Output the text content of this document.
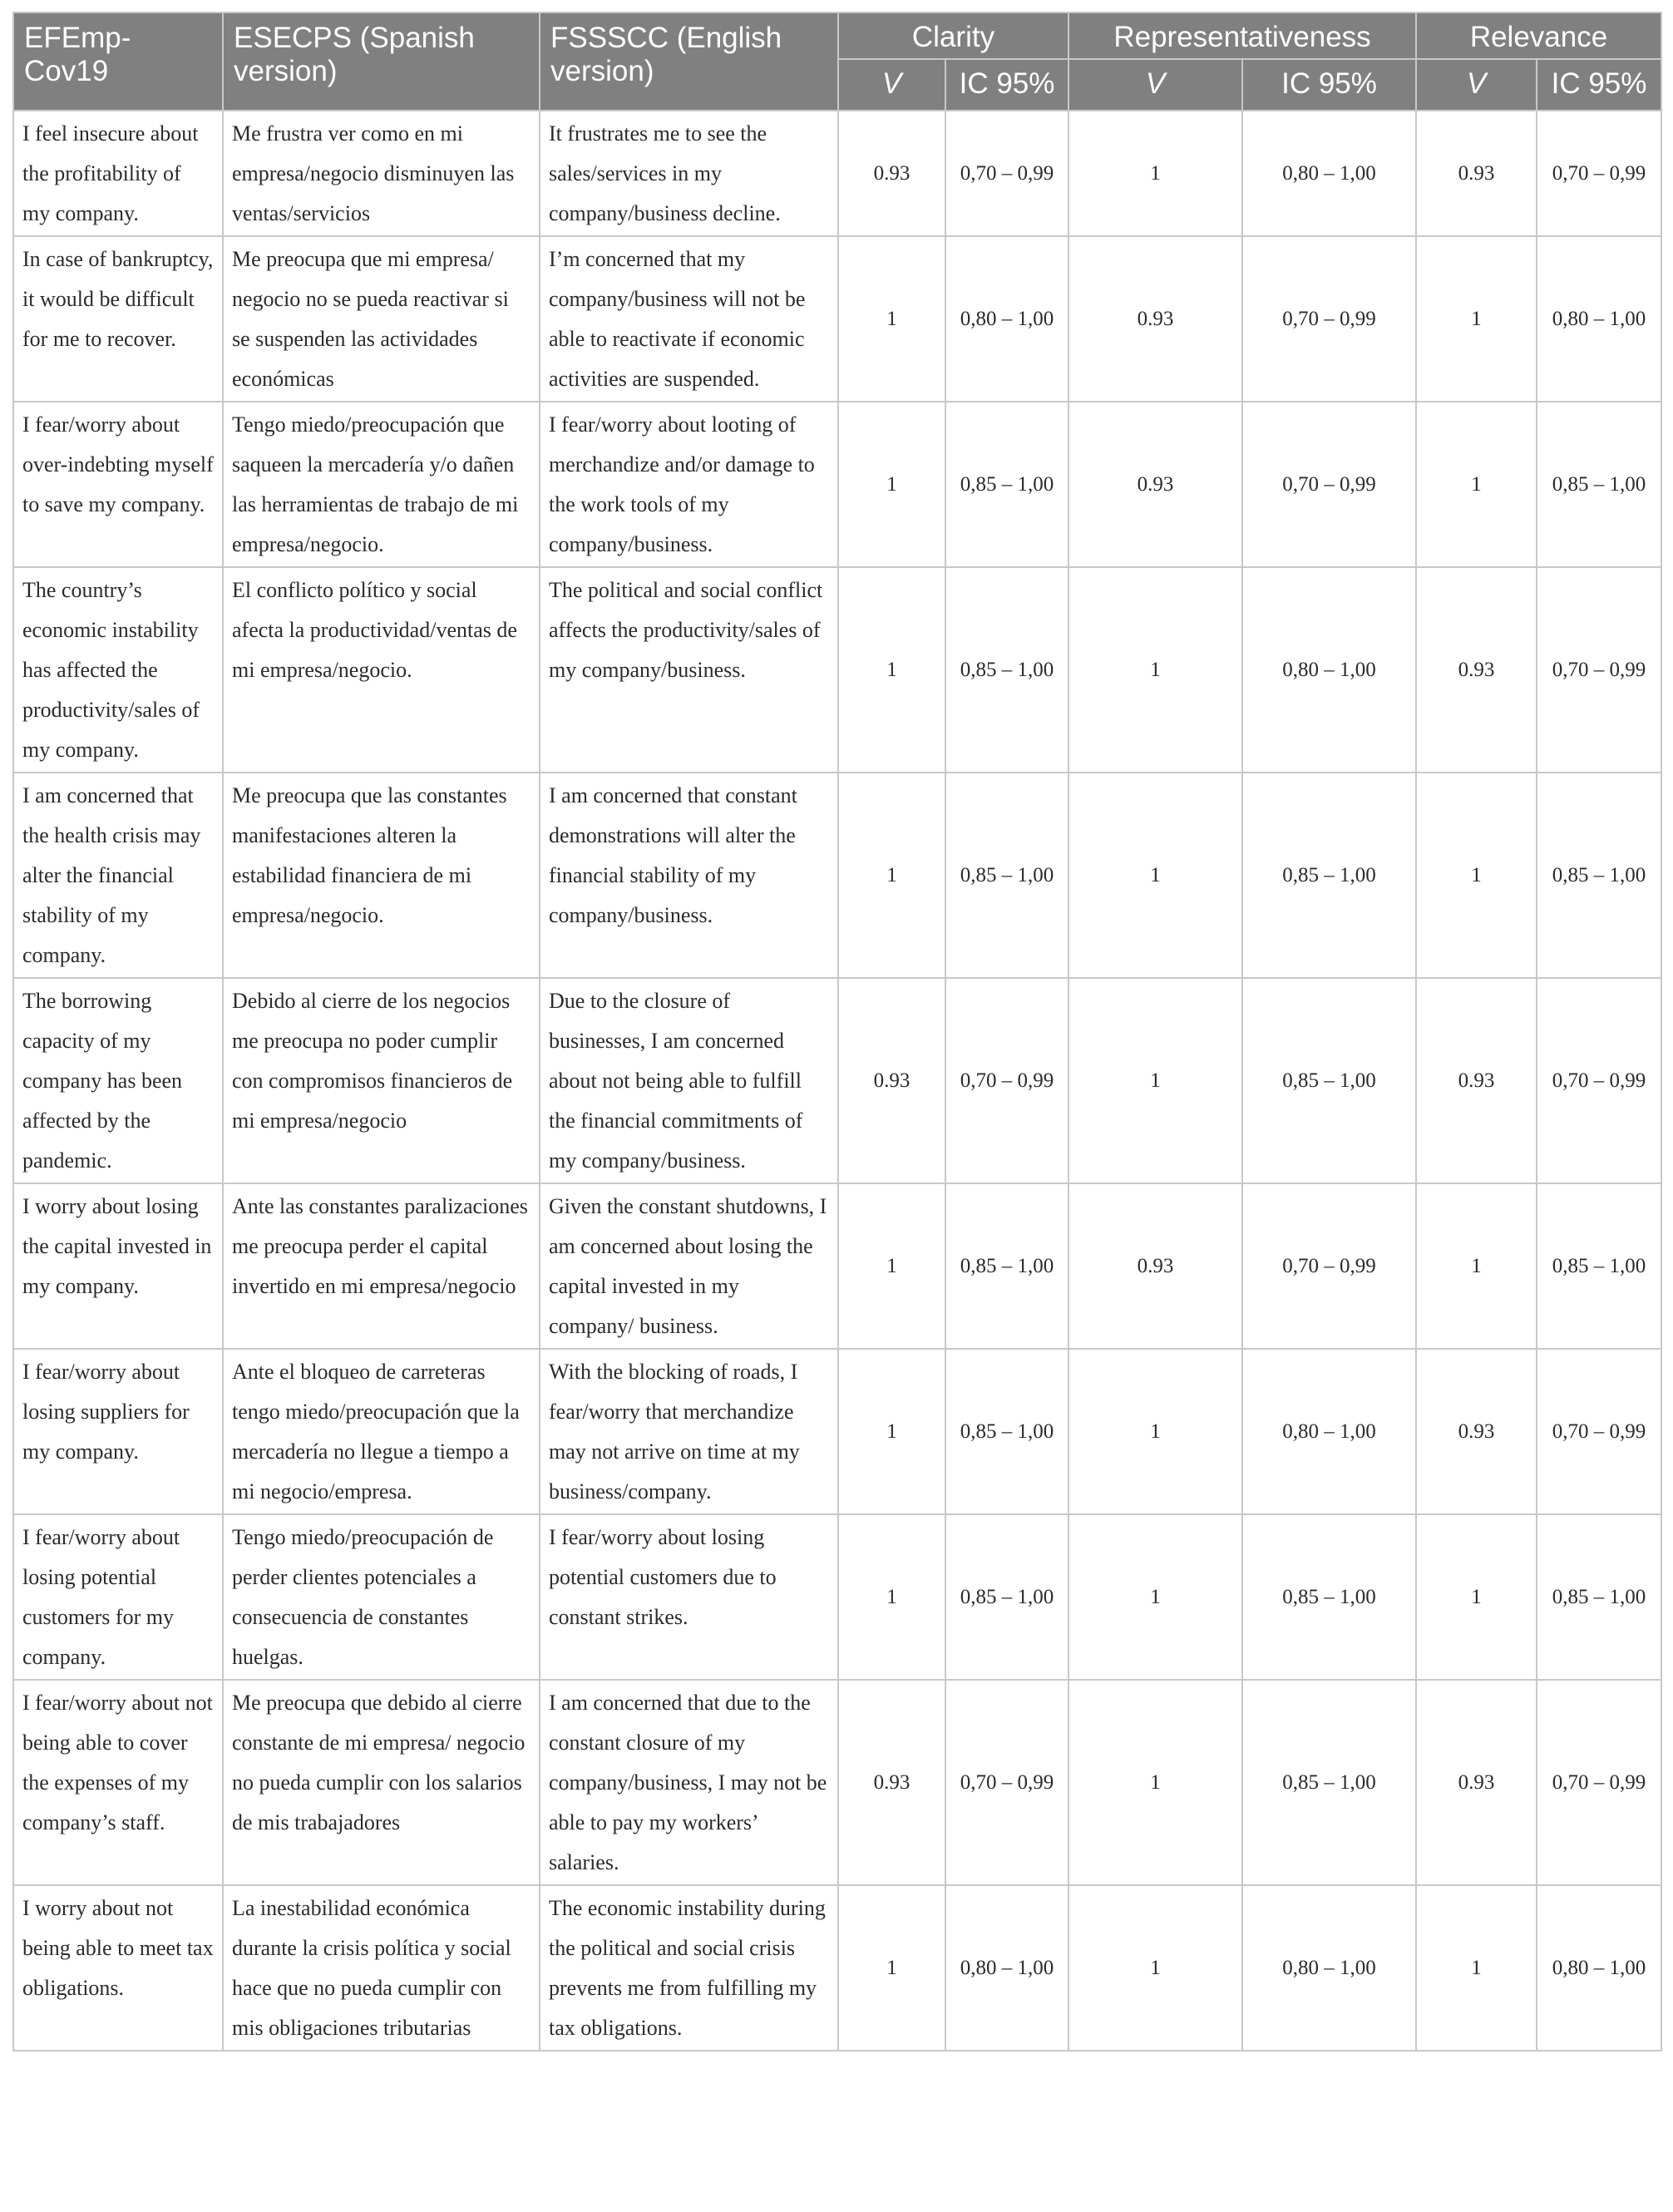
EFEmp-Cov19	ESECPS (Spanish version)	FSSSCC (English version)	Clarity		Representativeness		Relevance	
			V	IC 95%	V	IC 95%	V	IC 95%
I feel insecure about the profitability of my company.	Me frustra ver como en mi empresa/negocio disminuyen las ventas/servicios	It frustrates me to see the sales/services in my company/business decline.	0.93	0,70 – 0,99	1	0,80 – 1,00	0.93	0,70 – 0,99
In case of bankruptcy, it would be difficult for me to recover.	Me preocupa que mi empresa/ negocio no se pueda reactivar si se suspenden las actividades económicas	I’m concerned that my company/business will not be able to reactivate if economic activities are suspended.	1	0,80 – 1,00	0.93	0,70 – 0,99	1	0,80 – 1,00
I fear/worry about over-indebting myself to save my company.	Tengo miedo/preocupación que saqueen la mercadería y/o dañen las herramientas de trabajo de mi empresa/negocio.	I fear/worry about looting of merchandize and/or damage to the work tools of my company/business.	1	0,85 – 1,00	0.93	0,70 – 0,99	1	0,85 – 1,00
The country’s economic instability has affected the productivity/sales of my company.	El conflicto político y social afecta la productividad/ventas de mi empresa/negocio.	The political and social conflict affects the productivity/sales of my company/business.	1	0,85 – 1,00	1	0,80 – 1,00	0.93	0,70 – 0,99
I am concerned that the health crisis may alter the financial stability of my company.	Me preocupa que las constantes manifestaciones alteren la estabilidad financiera de mi empresa/negocio.	I am concerned that constant demonstrations will alter the financial stability of my company/business.	1	0,85 – 1,00	1	0,85 – 1,00	1	0,85 – 1,00
The borrowing capacity of my company has been affected by the pandemic.	Debido al cierre de los negocios me preocupa no poder cumplir con compromisos financieros de mi empresa/negocio	Due to the closure of businesses, I am concerned about not being able to fulfill the financial commitments of my company/business.	0.93	0,70 – 0,99	1	0,85 – 1,00	0.93	0,70 – 0,99
I worry about losing the capital invested in my company.	Ante las constantes paralizaciones me preocupa perder el capital invertido en mi empresa/negocio	Given the constant shutdowns, I am concerned about losing the capital invested in my company/ business.	1	0,85 – 1,00	0.93	0,70 – 0,99	1	0,85 – 1,00
I fear/worry about losing suppliers for my company.	Ante el bloqueo de carreteras tengo miedo/preocupación que la mercadería no llegue a tiempo a mi negocio/empresa.	With the blocking of roads, I fear/worry that merchandize may not arrive on time at my business/company.	1	0,85 – 1,00	1	0,80 – 1,00	0.93	0,70 – 0,99
I fear/worry about losing potential customers for my company.	Tengo miedo/preocupación de perder clientes potenciales a consecuencia de constantes huelgas.	I fear/worry about losing potential customers due to constant strikes.	1	0,85 – 1,00	1	0,85 – 1,00	1	0,85 – 1,00
I fear/worry about not being able to cover the expenses of my company’s staff.	Me preocupa que debido al cierre constante de mi empresa/ negocio no pueda cumplir con los salarios de mis trabajadores	I am concerned that due to the constant closure of my company/business, I may not be able to pay my workers’ salaries.	0.93	0,70 – 0,99	1	0,85 – 1,00	0.93	0,70 – 0,99
I worry about not being able to meet tax obligations.	La inestabilidad económica durante la crisis política y social hace que no pueda cumplir con mis obligaciones tributarias	The economic instability during the political and social crisis prevents me from fulfilling my tax obligations.	1	0,80 – 1,00	1	0,80 – 1,00	1	0,80 – 1,00
